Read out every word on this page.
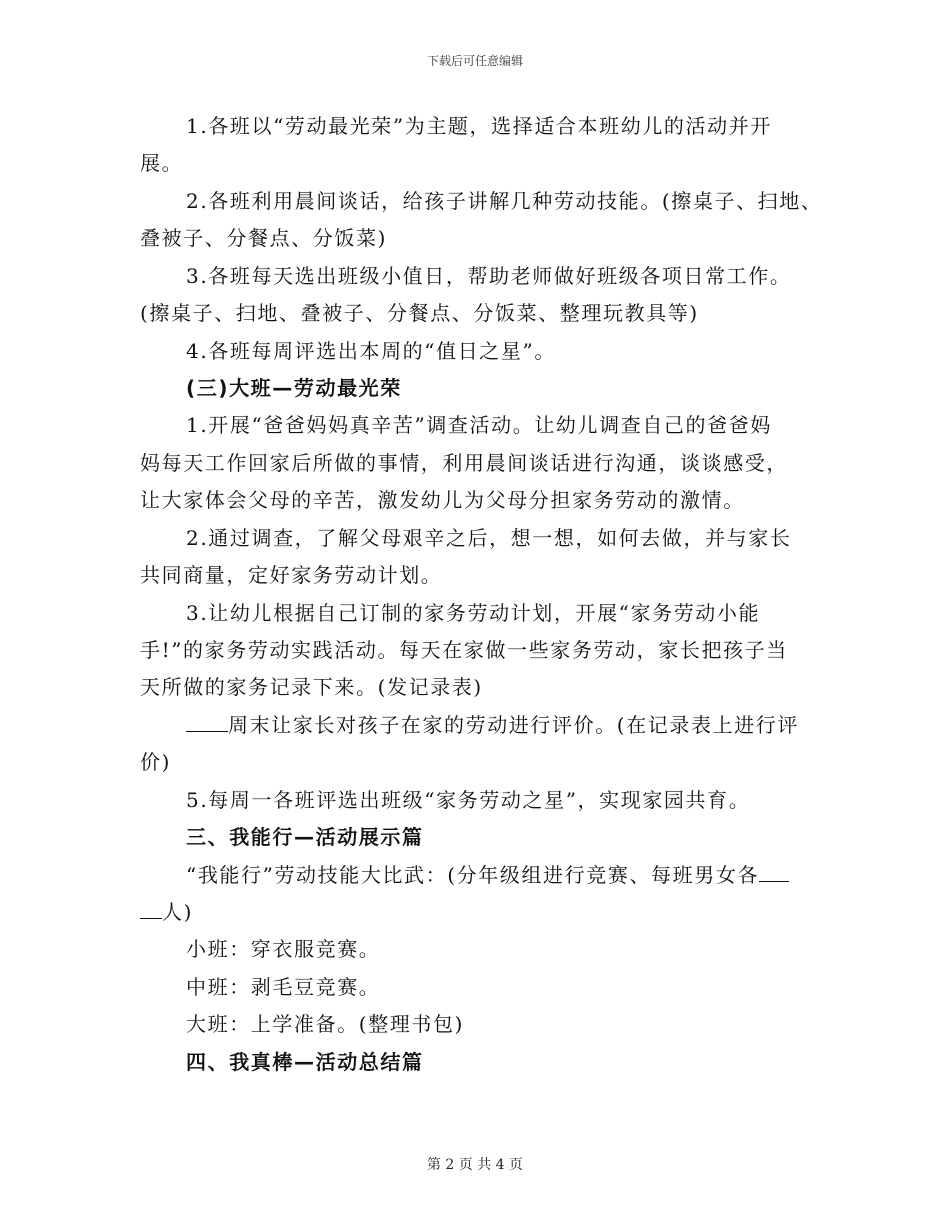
下载后可任意编辑
1.各班以“劳动最光荣”为主题，选择适合本班幼儿的活动并开
展。
2.各班利用晨间谈话，给孩子讲解几种劳动技能。(擦桌子、扫地、
叠被子、分餐点、分饭菜)
3.各班每天选出班级小值日，帮助老师做好班级各项日常工作。
(擦桌子、扫地、叠被子、分餐点、分饭菜、整理玩教具等)
4.各班每周评选出本周的“值日之星”。
(三)大班—劳动最光荣
1.开展“爸爸妈妈真辛苦”调查活动。让幼儿调查自己的爸爸妈
妈每天工作回家后所做的事情，利用晨间谈话进行沟通，谈谈感受，
让大家体会父母的辛苦，激发幼儿为父母分担家务劳动的激情。
2.通过调查，了解父母艰辛之后，想一想，如何去做，并与家长
共同商量，定好家务劳动计划。
3.让幼儿根据自己订制的家务劳动计划，开展“家务劳动小能
手!”的家务劳动实践活动。每天在家做一些家务劳动，家长把孩子当
天所做的家务记录下来。(发记录表)
周末让家长对孩子在家的劳动进行评价。(在记录表上进行评
价)
5.每周一各班评选出班级“家务劳动之星”，实现家园共育。
三、我能行—活动展示篇
“我能行”劳动技能大比武：(分年级组进行竞赛、每班男女各
人)
小班：穿衣服竞赛。
中班：剥毛豆竞赛。
大班：上学准备。(整理书包)
四、我真棒—活动总结篇
第 2 页 共 4 页
